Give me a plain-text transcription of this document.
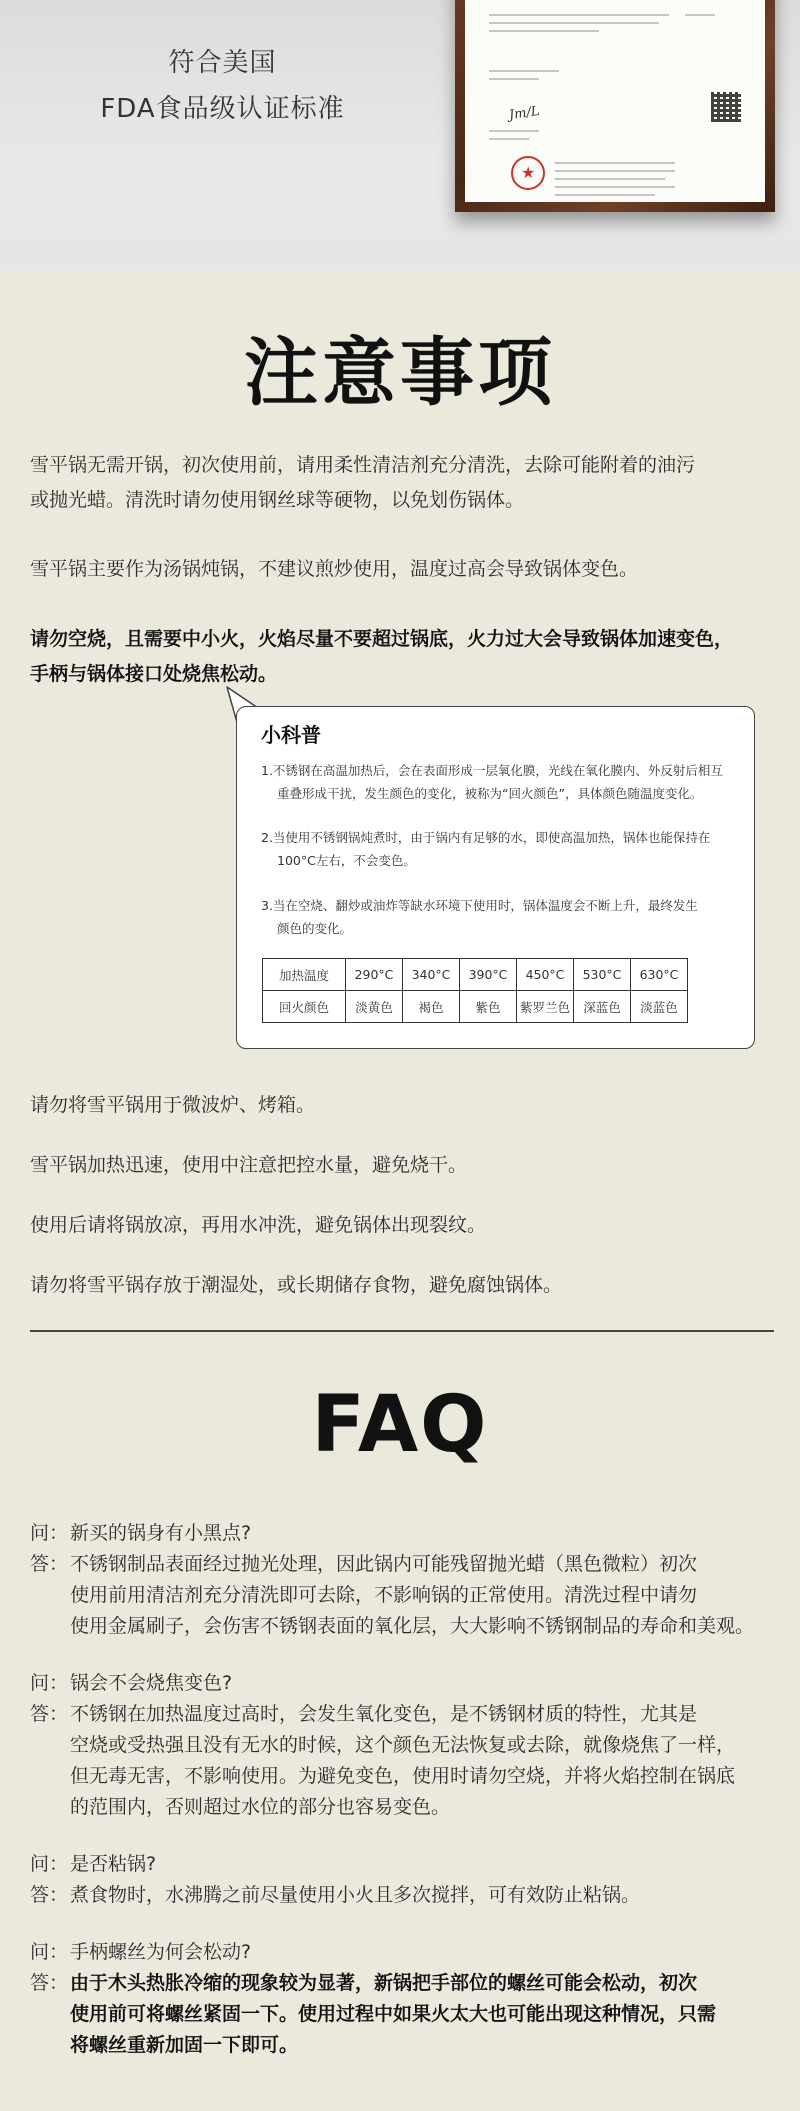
符合美国
FDA食品级认证标准	Jm/L
★
注意事项
雪平锅无需开锅，初次使用前，请用柔性清洁剂充分清洗，去除可能附着的油污
或抛光蜡。清洗时请勿使用钢丝球等硬物，以免划伤锅体。
雪平锅主要作为汤锅炖锅，不建议煎炒使用，温度过高会导致锅体变色。
请勿空烧，且需要中小火，火焰尽量不要超过锅底，火力过大会导致锅体加速变色，
手柄与锅体接口处烧焦松动。
小科普
1.不锈钢在高温加热后，会在表面形成一层氧化膜，光线在氧化膜内、外反射后相互
重叠形成干扰，发生颜色的变化，被称为“回火颜色”，具体颜色随温度变化。
2.当使用不锈钢锅炖煮时，由于锅内有足够的水，即使高温加热，锅体也能保持在
100°C左右，不会变色。
3.当在空烧、翻炒或油炸等缺水环境下使用时，锅体温度会不断上升，最终发生
颜色的变化。
加热温度	290°C	340°C	390°C	450°C	530°C	630°C
回火颜色	淡黄色	褐色	紫色	紫罗兰色	深蓝色	淡蓝色
请勿将雪平锅用于微波炉、烤箱。
雪平锅加热迅速，使用中注意把控水量，避免烧干。
使用后请将锅放凉，再用水冲洗，避免锅体出现裂纹。
请勿将雪平锅存放于潮湿处，或长期储存食物，避免腐蚀锅体。
FAQ
问： 新买的锅身有小黑点?
答： 不锈钢制品表面经过抛光处理，因此锅内可能残留抛光蜡（黑色微粒）初次
使用前用清洁剂充分清洗即可去除，不影响锅的正常使用。清洗过程中请勿
使用金属刷子，会伤害不锈钢表面的氧化层，大大影响不锈钢制品的寿命和美观。
问： 锅会不会烧焦变色?
答： 不锈钢在加热温度过高时，会发生氧化变色，是不锈钢材质的特性，尤其是
空烧或受热强且没有无水的时候，这个颜色无法恢复或去除，就像烧焦了一样，
但无毒无害，不影响使用。为避免变色，使用时请勿空烧，并将火焰控制在锅底
的范围内，否则超过水位的部分也容易变色。
问： 是否粘锅?
答： 煮食物时，水沸腾之前尽量使用小火且多次搅拌，可有效防止粘锅。
问： 手柄螺丝为何会松动?
答： 由于木头热胀冷缩的现象较为显著，新锅把手部位的螺丝可能会松动，初次
使用前可将螺丝紧固一下。使用过程中如果火太大也可能出现这种情况，只需
将螺丝重新加固一下即可。
